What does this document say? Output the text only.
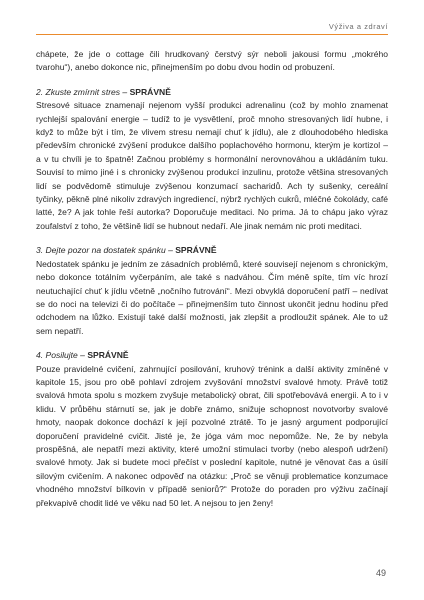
Výživa a zdraví

chápete, že jde o cottage čili hrudkovaný čerstvý sýr neboli jakousi formu „mokrého tvarohu“), anebo dokonce nic, přinejmenším po dobu dvou hodin od probuzení.

2. Zkuste zmírnit stres – SPRÁVNĚ

Stresové situace znamenají nejenom vyšší produkci adrenalinu (což by mohlo znamenat rychlejší spalování energie – tudíž to je vysvětlení, proč mnoho stresovaných lidí hubne, i když to může být i tím, že vlivem stresu nemají chuť k jídlu), ale z dlouhodobého hlediska především chronické zvýšení produkce dalšího poplachového hormonu, kterým je kortizol – a v tu chvíli je to špatně! Začnou problémy s hormonální nerovnováhou a ukládáním tuku. Souvisí to mimo jiné i s chronicky zvýšenou produkcí inzulinu, protože většina stresovaných lidí se podvědomě stimuluje zvýšenou konzumací sacharidů. Ach ty sušenky, cereální tyčinky, pěkně plné nikoliv zdravých ingrediencí, nýbrž rychlých cukrů, mléčné čokolády, café latté, že? A jak tohle řeší autorka? Doporučuje meditaci. No prima. Já to chápu jako výraz zoufalství z toho, že většině lidí se hubnout nedaří. Ale jinak nemám nic proti meditaci.

3. Dejte pozor na dostatek spánku – SPRÁVNĚ

Nedostatek spánku je jedním ze zásadních problémů, které souvisejí nejenom s chronickým, nebo dokonce totálním vyčerpáním, ale také s nadváhou. Čím méně spíte, tím víc hrozí neutuchající chuť k jídlu včetně „nočního futrování“. Mezi obvyklá doporučení patří – nedívat se do noci na televizi či do počítače – přinejmenším tuto činnost ukončit jednu hodinu před odchodem na lůžko. Existují také další možnosti, jak zlepšit a prodloužit spánek. Ale to už sem nepatří.

4. Posilujte – SPRÁVNĚ

Pouze pravidelné cvičení, zahrnující posilování, kruhový trénink a další aktivity zmíněné v kapitole 15, jsou pro obě pohlaví zdrojem zvyšování množství svalové hmoty. Právě totiž svalová hmota spolu s mozkem zvyšuje metabolický obrat, čili spotřebovává energii. A to i v klidu. V průběhu stárnutí se, jak je dobře známo, snižuje schopnost novotvorby svalové hmoty, naopak dokonce dochází k její pozvolné ztrátě. To je jasný argument podporující doporučení pravidelné cvičit. Jisté je, že jóga vám moc nepomůže. Ne, že by nebyla prospěšná, ale nepatří mezi aktivity, které umožní stimulaci tvorby (nebo alespoň udržení) svalové hmoty. Jak si budete moci přečíst v poslední kapitole, nutné je věnovat čas a úsilí silovým cvičením. A nakonec odpověď na otázku: „Proč se věnuji problematice konzumace vhodného množství bílkovin v případě seniorů?“ Protože do poraden pro výživu začínají překvapivě chodit lidé ve věku nad 50 let. A nejsou to jen ženy!

49
